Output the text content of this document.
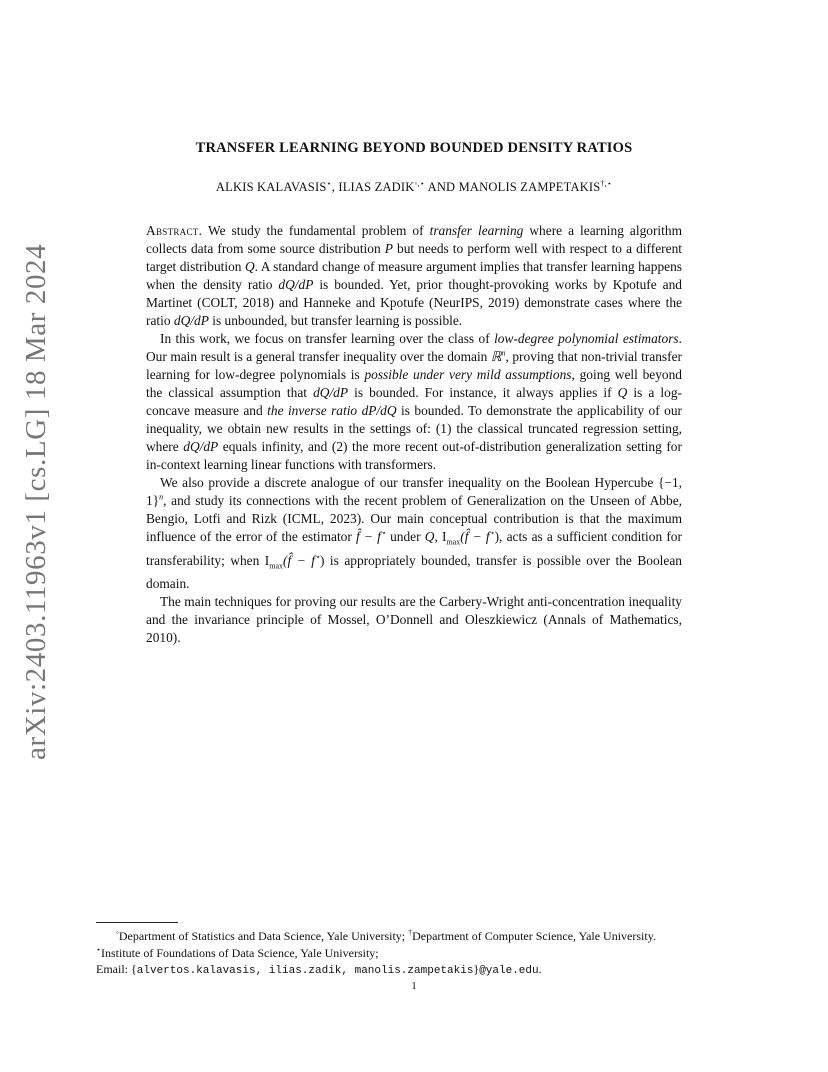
arXiv:2403.11963v1 [cs.LG] 18 Mar 2024
TRANSFER LEARNING BEYOND BOUNDED DENSITY RATIOS
ALKIS KALAVASIS⋆, ILIAS ZADIK◦,⋆ AND MANOLIS ZAMPETAKIS†,⋆

Abstract. We study the fundamental problem of transfer learning where a learning algorithm collects data from some source distribution P but needs to perform well with respect to a different target distribution Q. A standard change of measure argument implies that transfer learning happens when the density ratio dQ/dP is bounded. Yet, prior thought-provoking works by Kpotufe and Martinet (COLT, 2018) and Hanneke and Kpotufe (NeurIPS, 2019) demonstrate cases where the ratio dQ/dP is unbounded, but transfer learning is possible.

In this work, we focus on transfer learning over the class of low-degree polynomial estimators. Our main result is a general transfer inequality over the domain ℝ$^n$, proving that non-trivial transfer learning for low-degree polynomials is possible under very mild assumptions, going well beyond the classical assumption that dQ/dP is bounded. For instance, it always applies if Q is a log-concave measure and the inverse ratio dP/dQ is bounded. To demonstrate the applicability of our inequality, we obtain new results in the settings of: (1) the classical truncated regression setting, where dQ/dP equals infinity, and (2) the more recent out-of-distribution generalization setting for in-context learning linear functions with transformers.

We also provide a discrete analogue of our transfer inequality on the Boolean Hypercube {−1, 1}$^n$, and study its connections with the recent problem of Generalization on the Unseen of Abbe, Bengio, Lotfi and Rizk (ICML, 2023). Our main conceptual contribution is that the maximum influence of the error of the estimator f̂ − f⋆ under Q, $I_{max}(f̂ - f^⋆)$, acts as a sufficient condition for transferability; when $I_{max}(f̂ - f^⋆)$ is appropriately bounded, transfer is possible over the Boolean domain.

The main techniques for proving our results are the Carbery-Wright anti-concentration inequality and the invariance principle of Mossel, O’Donnell and Oleszkiewicz (Annals of Mathematics, 2010).

◦Department of Statistics and Data Science, Yale University; †Department of Computer Science, Yale University.
⋆Institute of Foundations of Data Science, Yale University;
Email: {alvertos.kalavasis, ilias.zadik, manolis.zampetakis}@yale.edu.
1
